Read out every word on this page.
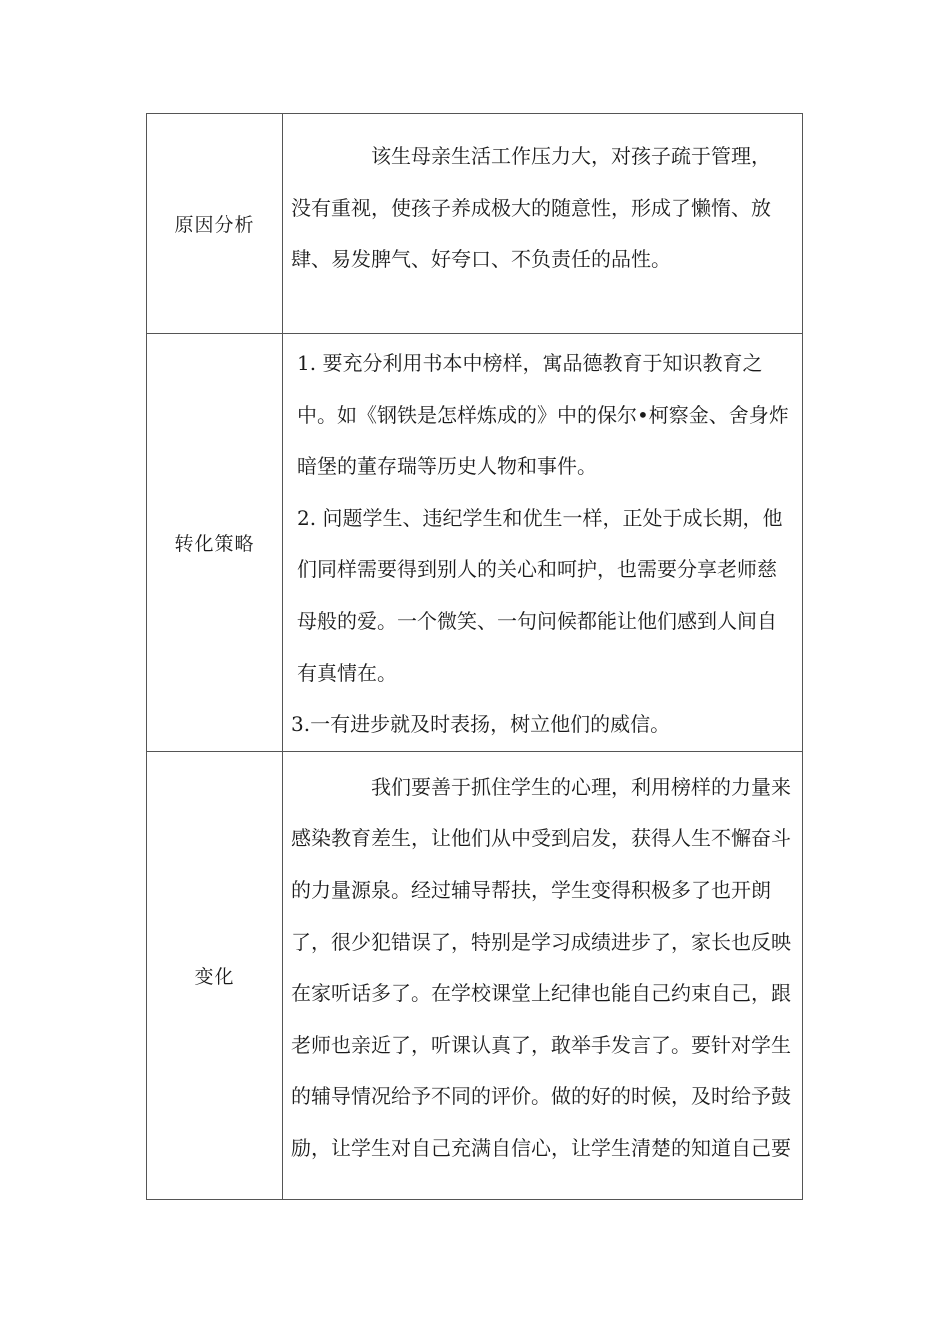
原因分析	该生母亲生活工作压力大，对孩子疏于管理，没有重视，使孩子养成极大的随意性，形成了懒惰、放肆、易发脾气、好夸口、不负责任的品性。

转化策略	1. 要充分利用书本中榜样，寓品德教育于知识教育之中。如《钢铁是怎样炼成的》中的保尔•柯察金、舍身炸暗堡的董存瑞等历史人物和事件。

2. 问题学生、违纪学生和优生一样，正处于成长期，他们同样需要得到别人的关心和呵护，也需要分享老师慈母般的爱。一个微笑、一句问候都能让他们感到人间自有真情在。

3.一有进步就及时表扬，树立他们的威信。

变化	我们要善于抓住学生的心理，利用榜样的力量来感染教育差生，让他们从中受到启发，获得人生不懈奋斗的力量源泉。经过辅导帮扶，学生变得积极多了也开朗了，很少犯错误了，特别是学习成绩进步了，家长也反映在家听话多了。在学校课堂上纪律也能自己约束自己，跟老师也亲近了，听课认真了，敢举手发言了。要针对学生的辅导情况给予不同的评价。做的好的时候，及时给予鼓励，让学生对自己充满自信心，让学生清楚的知道自己要
